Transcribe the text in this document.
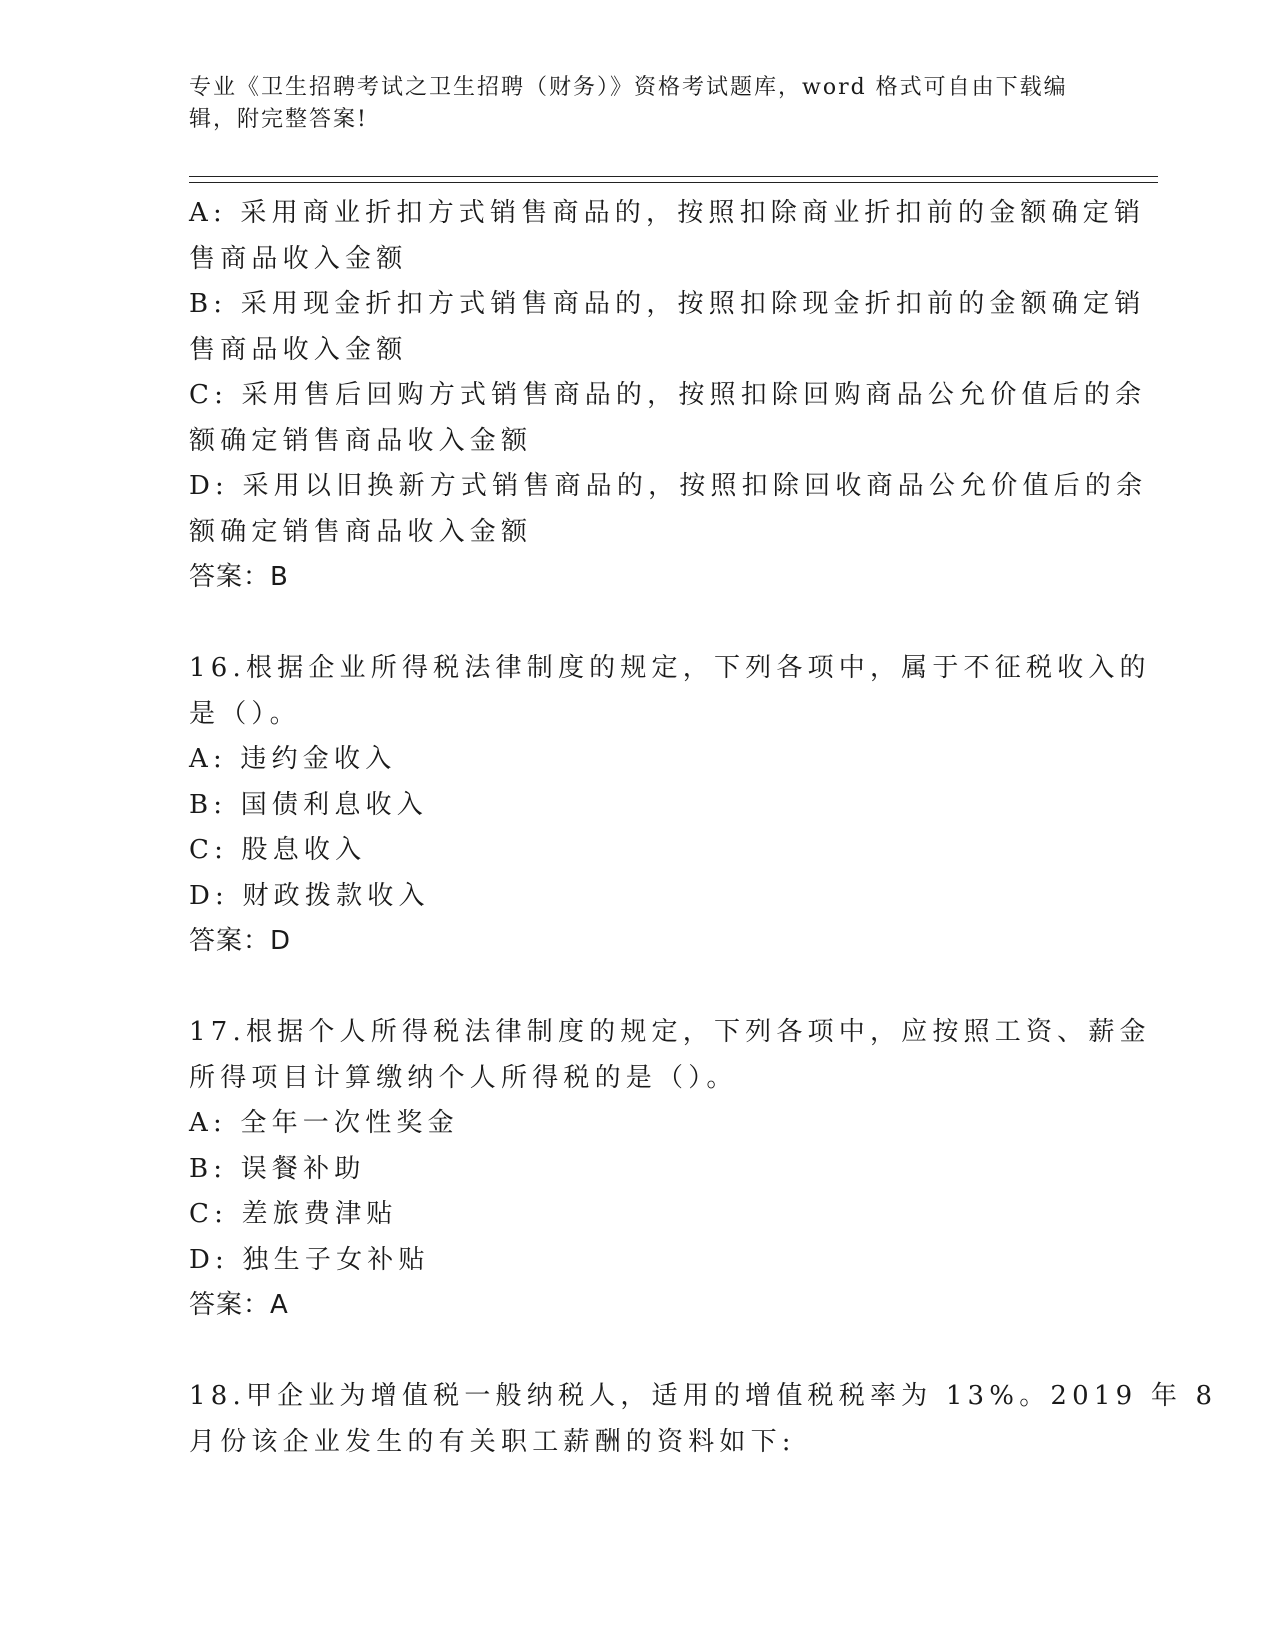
专业《卫生招聘考试之卫生招聘（财务）》资格考试题库，word 格式可自由下载编辑，附完整答案!
A: 采用商业折扣方式销售商品的，按照扣除商业折扣前的金额确定销
售商品收入金额
B: 采用现金折扣方式销售商品的，按照扣除现金折扣前的金额确定销
售商品收入金额
C: 采用售后回购方式销售商品的，按照扣除回购商品公允价值后的余
额确定销售商品收入金额
D: 采用以旧换新方式销售商品的，按照扣除回收商品公允价值后的余
额确定销售商品收入金额
答案：B
16.根据企业所得税法律制度的规定，下列各项中，属于不征税收入的
是（）。
A: 违约金收入
B: 国债利息收入
C: 股息收入
D: 财政拨款收入
答案：D
17.根据个人所得税法律制度的规定，下列各项中，应按照工资、薪金
所得项目计算缴纳个人所得税的是（）。
A: 全年一次性奖金
B: 误餐补助
C: 差旅费津贴
D: 独生子女补贴
答案：A
18.甲企业为增值税一般纳税人，适用的增值税税率为 13%。2019 年 8
月份该企业发生的有关职工薪酬的资料如下:
